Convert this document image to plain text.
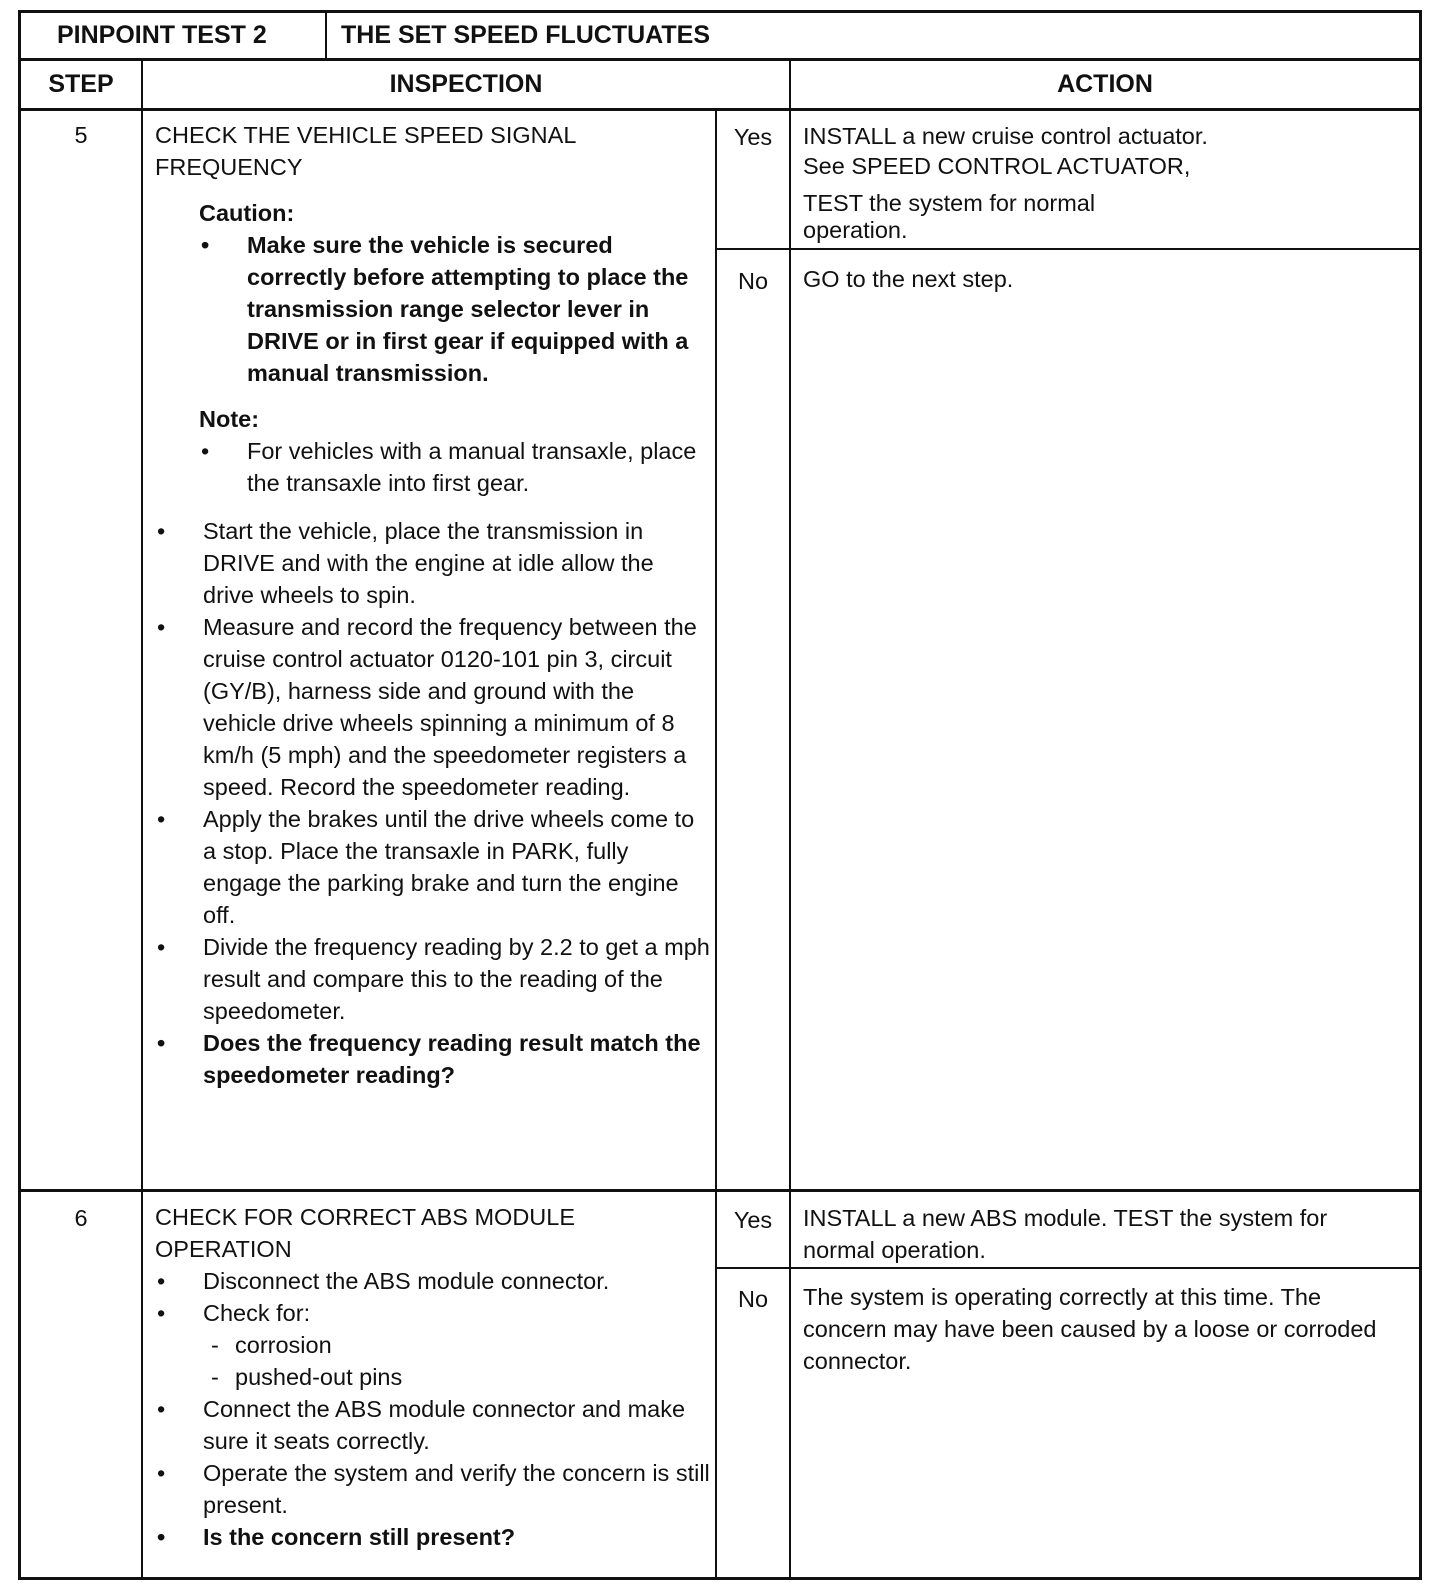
PINPOINT TEST 2	THE SET SPEED FLUCTUATES
STEP	INSPECTION	ACTION
5	CHECK THE VEHICLE SPEED SIGNAL

FREQUENCY

Caution:

• Make sure the vehicle is secured correctly before attempting to place the transmission range selector lever in DRIVE or in first gear if equipped with a manual transmission.

Note:

• For vehicles with a manual transaxle, place the transaxle into first gear.

• Start the vehicle, place the transmission in DRIVE and with the engine at idle allow the drive wheels to spin.

• Measure and record the frequency between the cruise control actuator 0120-101 pin 3, circuit (GY/B), harness side and ground with the vehicle drive wheels spinning a minimum of 8 km/h (5 mph) and the speedometer registers a speed. Record the speedometer reading.

• Apply the brakes until the drive wheels come to a stop. Place the transaxle in PARK, fully engage the parking brake and turn the engine off.

• Divide the frequency reading by 2.2 to get a mph result and compare this to the reading of the speedometer.

• Does the frequency reading result match the speedometer reading?

Yes	INSTALL a new cruise control actuator.

See SPEED CONTROL ACTUATOR,

TEST the system for normal

operation.

No	GO to the next step.
6	CHECK FOR CORRECT ABS MODULE

OPERATION

• Disconnect the ABS module connector.

• Check for:

- corrosion

- pushed-out pins

• Connect the ABS module connector and make sure it seats correctly.

• Operate the system and verify the concern is still present.

• Is the concern still present?

Yes	INSTALL a new ABS module. TEST the system for normal operation.
No	The system is operating correctly at this time. The concern may have been caused by a loose or corroded connector.
